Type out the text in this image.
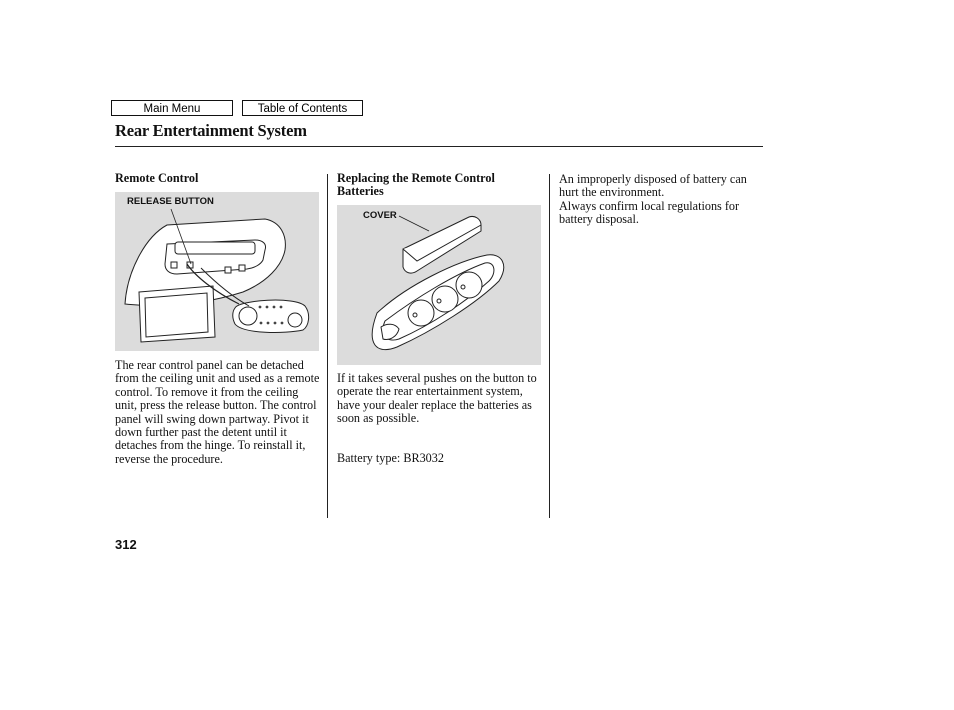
Main Menu	Table of Contents
Rear Entertainment System
Remote Control
RELEASE BUTTON
The rear control panel can be detached from the ceiling unit and used as a remote control. To remove it from the ceiling unit, press the release button. The control panel will swing down partway. Pivot it down further past the detent until it detaches from the hinge. To reinstall it, reverse the procedure.
Replacing the Remote Control Batteries
COVER
If it takes several pushes on the button to operate the rear entertainment system, have your dealer replace the batteries as soon as possible.
Battery type: BR3032

An improperly disposed of battery can hurt the environment.

Always confirm local regulations for battery disposal.

312
